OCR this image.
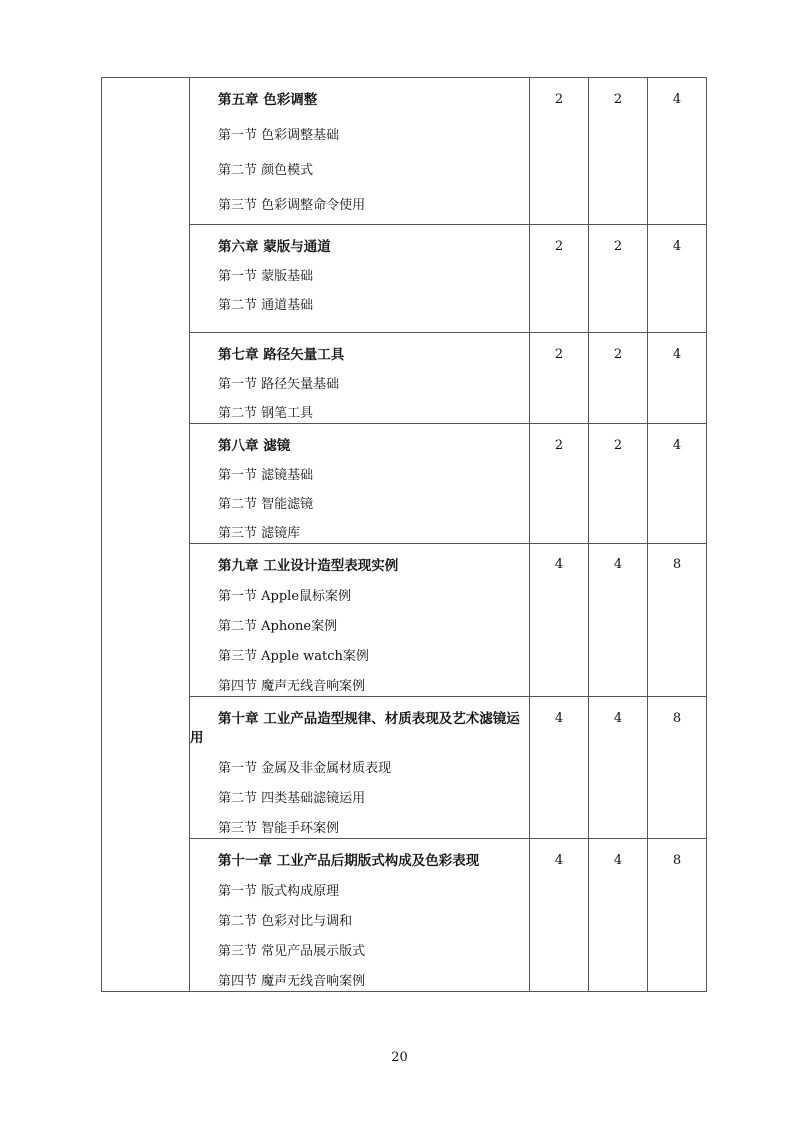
	第五章 色彩调整
第一节 色彩调整基础
第二节 颜色模式
第三节 色彩调整命令使用	2	2	4

	第六章 蒙版与通道
第一节 蒙版基础
第二节 通道基础	2	2	4

	第七章 路径矢量工具
第一节 路径矢量基础
第二节 钢笔工具	2	2	4

	第八章 滤镜
第一节 滤镜基础
第二节 智能滤镜
第三节 滤镜库	2	2	4

	第九章 工业设计造型表现实例
第一节 Apple鼠标案例
第二节 Aphone案例
第三节 Apple watch案例
第四节 魔声无线音响案例	4	4	8

	第十章 工业产品造型规律、材质表现及艺术滤镜运用
第一节 金属及非金属材质表现
第二节 四类基础滤镜运用
第三节 智能手环案例	4	4	8

	第十一章 工业产品后期版式构成及色彩表现
第一节 版式构成原理
第二节 色彩对比与调和
第三节 常见产品展示版式
第四节 魔声无线音响案例	4	4	8
20
